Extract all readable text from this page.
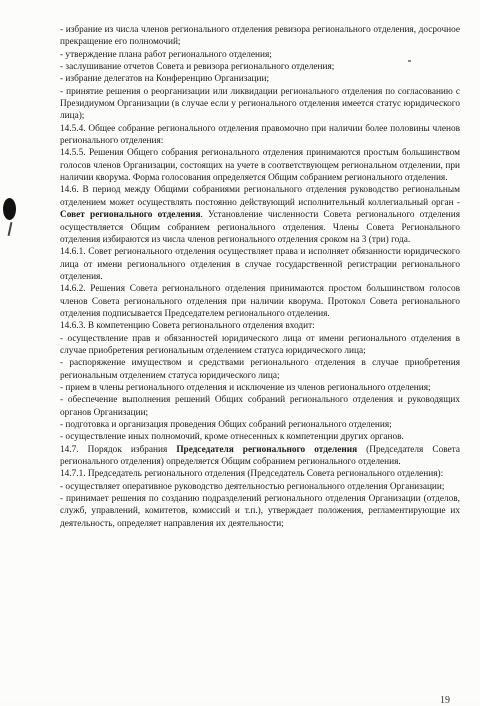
- избрание из числа членов регионального отделения ревизора регионального отделения, досрочное прекращение его полномочий;

- утверждение плана работ регионального отделения;

- заслушивание отчетов Совета и ревизора регионального отделения;

- избрание делегатов на Конференцию Организации;

- принятие решения о реорганизации или ликвидации регионального отделения по согласованию с Президиумом Организации (в случае если у регионального отделения имеется статус юридического лица);

14.5.4. Общее собрание регионального отделения правомочно при наличии более половины членов регионального отделения:

14.5.5. Решения Общего собрания регионального отделения принимаются простым большинством голосов членов Организации, состоящих на учете в соответствующем региональном отделении, при наличии кворума. Форма голосования определяется Общим собранием регионального отделения.

14.6. В период между Общими собраниями регионального отделения руководство региональным отделением может осуществлять постоянно действующий исполнительный коллегиальный орган - Совет регионального отделения. Установление численности Совета регионального отделения осуществляется Общим собранием регионального отделения. Члены Совета Регионального отделения избираются из числа членов регионального отделения сроком на 3 (три) года.

14.6.1. Совет регионального отделения осуществляет права и исполняет обязанности юридического лица от имени регионального отделения в случае государственной регистрации регионального отделения.

14.6.2. Решения Совета регионального отделения принимаются простом большинством голосов членов Совета регионального отделения при наличии кворума. Протокол Совета регионального отделения подписывается Председателем регионального отделения.

14.6.3. В компетенцию Совета регионального отделения входит:

- осуществление прав и обязанностей юридического лица от имени регионального отделения в случае приобретения региональным отделением статуса юридического лица;

- распоряжение имуществом и средствами регионального отделения в случае приобретения региональным отделением статуса юридического лица;

- прием в члены регионального отделения и исключение из членов регионального отделения;

- обеспечение выполнения решений Общих собраний регионального отделения и руководящих органов Организации;

- подготовка и организация проведения Общих собраний регионального отделения;

- осуществление иных полномочий, кроме отнесенных к компетенции других органов.

14.7. Порядок избрания Председателя регионального отделения (Председателя Совета регионального отделения) определяется Общим собранием регионального отделения.

14.7.1. Председатель регионального отделения (Председатель Совета регионального отделения):

- осуществляет оперативное руководство деятельностью регионального отделения Организации;

- принимает решения по созданию подразделений регионального отделения Организации (отделов, служб, управлений, комитетов, комиссий и т.п.), утверждает положения, регламентирующие их деятельность, определяет направления их деятельности;

19
